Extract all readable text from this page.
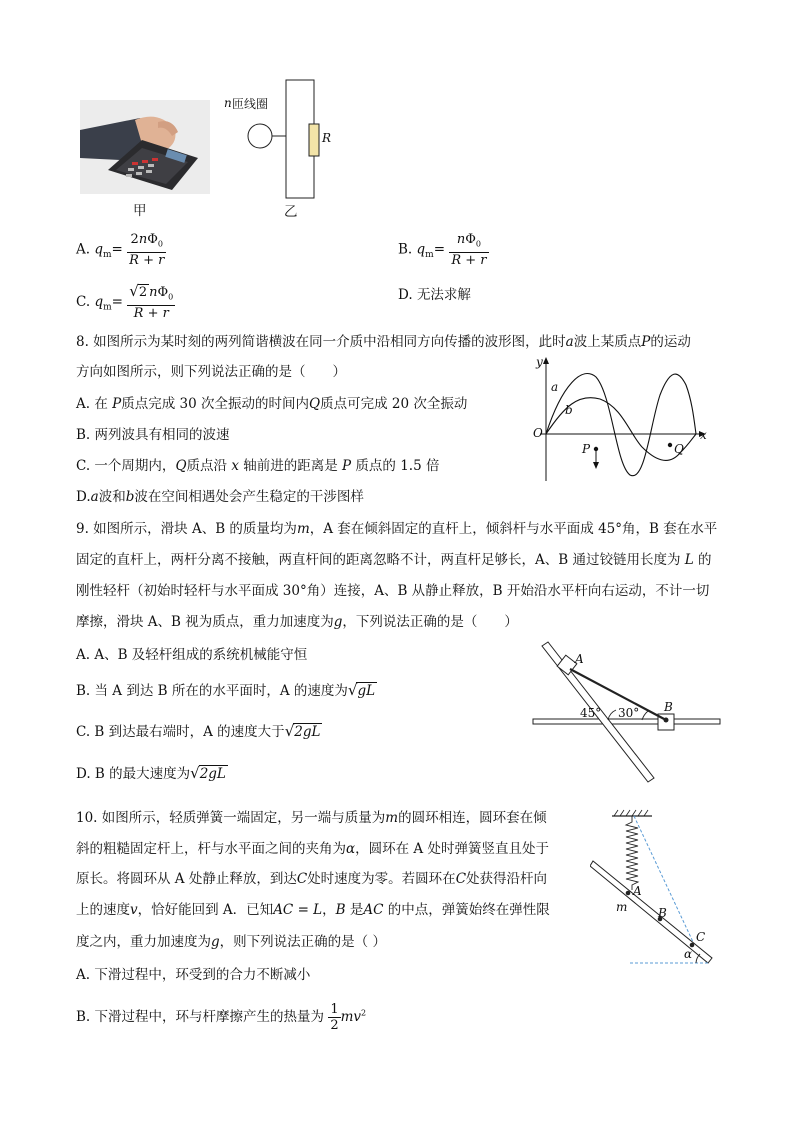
甲
n 匝线圈
R
乙
A. $q_m= \frac{2n\Phi_0}{R + r}$	B. $q_m= \frac{n\Phi_0}{R + r}$
C. $q_m= \frac{√2 n\Phi_0}{R + r}$	D. 无法求解
8. 如图所示为某时刻的两列简谐横波在同一介质中沿相同方向传播的波形图，此时a波上某质点P的运动
方向如图所示，则下列说法正确的是（　　）
A. 在 P质点完成 30 次全振动的时间内Q质点可完成 20 次全振动
B. 两列波具有相同的波速
C. 一个周期内，Q质点沿 x 轴前进的距离是 P 质点的 1.5 倍
D.a波和b波在空间相遇处会产生稳定的干涉图样
y
x
O
a
b
P	Q
9. 如图所示，滑块 A、B 的质量均为m，A 套在倾斜固定的直杆上，倾斜杆与水平面成 45°角，B 套在水平
固定的直杆上，两杆分离不接触，两直杆间的距离忽略不计，两直杆足够长，A、B 通过铰链用长度为 L 的
刚性轻杆（初始时轻杆与水平面成 30°角）连接，A、B 从静止释放，B 开始沿水平杆向右运动，不计一切
摩擦，滑块 A、B 视为质点，重力加速度为g，下列说法正确的是（　　）
A. A、B 及轻杆组成的系统机械能守恒
B. 当 A 到达 B 所在的水平面时，A 的速度为√gL
C. B 到达最右端时，A 的速度大于√2gL
D. B 的最大速度为√2gL
A
B
45° 30°
10. 如图所示，轻质弹簧一端固定，另一端与质量为m的圆环相连，圆环套在倾
斜的粗糙固定杆上，杆与水平面之间的夹角为α，圆环在 A 处时弹簧竖直且处于
原长。将圆环从 A 处静止释放，到达C处时速度为零。若圆环在C处获得沿杆向
上的速度v，恰好能回到 A．已知AC = L，B 是AC 的中点，弹簧始终在弹性限
度之内，重力加速度为g，则下列说法正确的是（ ）
A. 下滑过程中，环受到的合力不断减小
B. 下滑过程中，环与杆摩擦产生的热量为 $\frac{1}{2} mv^2$
A
m	B
C
α
